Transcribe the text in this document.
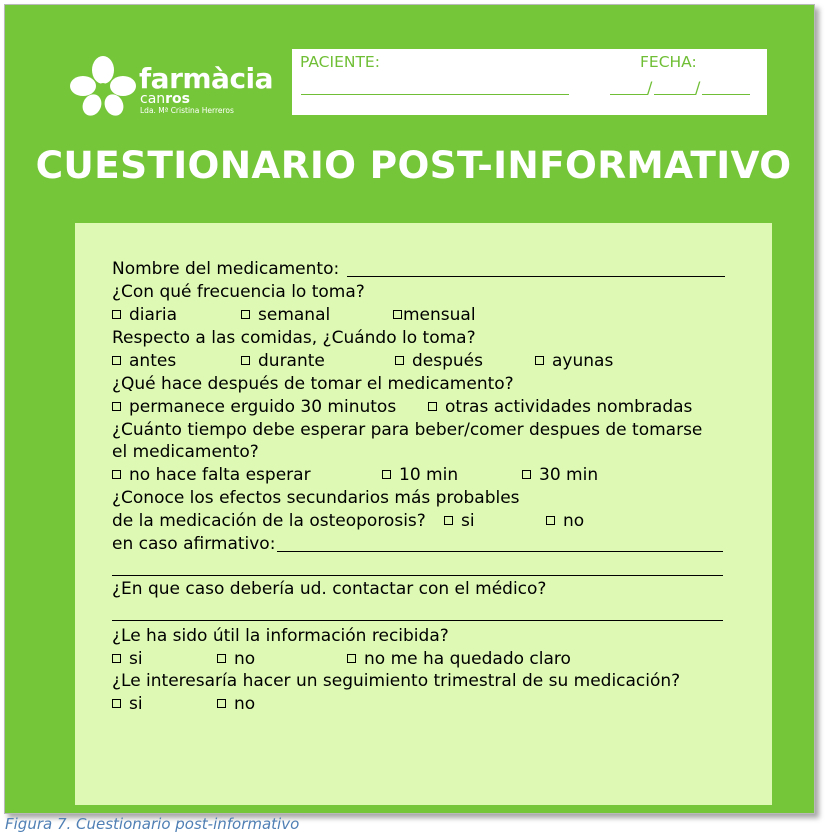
farmàcia
canros
Lda. Mª Cristina Herreros
PACIENTE:	FECHA:
/	/
CUESTIONARIO POST-INFORMATIVO
Nombre del medicamento:
¿Con qué frecuencia lo toma?
diaria	semanal	mensual
Respecto a las comidas, ¿Cuándo lo toma?
antes	durante	después	ayunas
¿Qué hace después de tomar el medicamento?
permanece erguido 30 minutos	otras actividades nombradas
¿Cuánto tiempo debe esperar para beber/comer despues de tomarse
el medicamento?
no hace falta esperar	10 min	30 min
¿Conoce los efectos secundarios más probables
de la medicación de la osteoporosis?	si	no
en caso afirmativo:
¿En que caso debería ud. contactar con el médico?
¿Le ha sido útil la información recibida?
si	no	no me ha quedado claro
¿Le interesaría hacer un seguimiento trimestral de su medicación?
si	no
Figura 7. Cuestionario post-informativo
